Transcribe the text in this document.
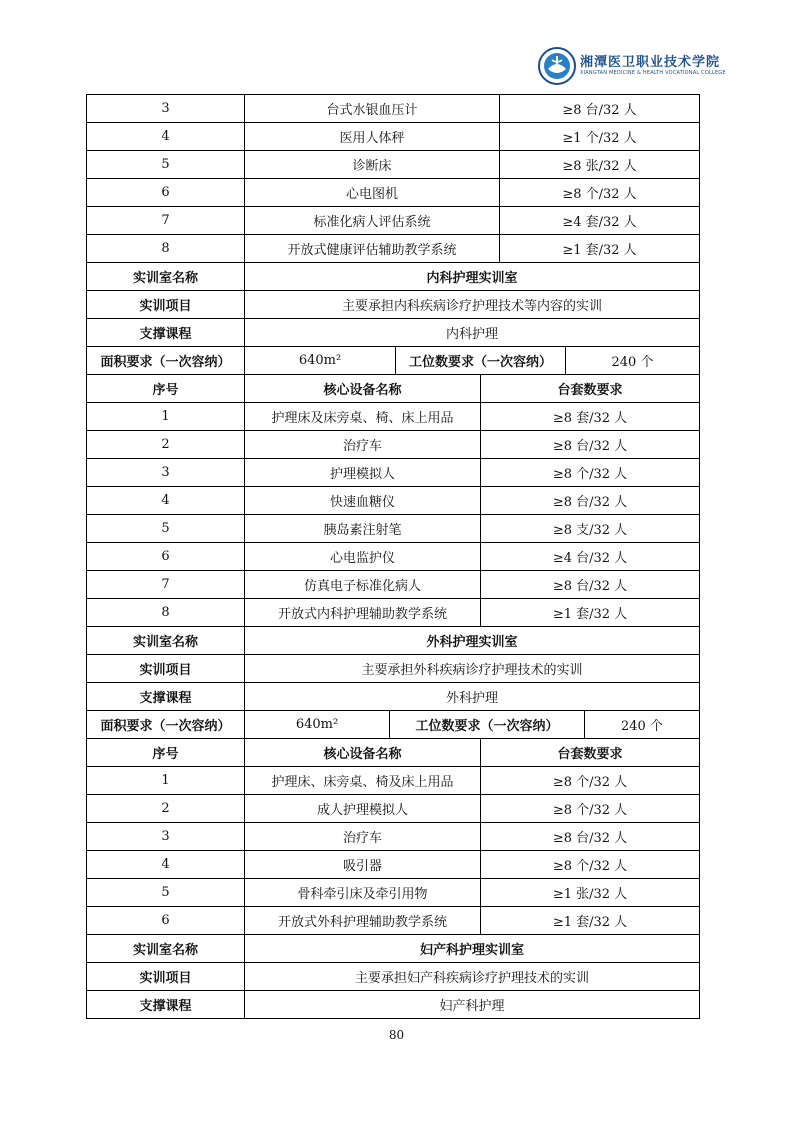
湘潭医卫职业技术学院
XIANGTAN MEDICINE & HEALTH VOCATIONAL COLLEGE
3	台式水银血压计	≥8 台/32 人
4	医用人体秤	≥1 个/32 人
5	诊断床	≥8 张/32 人
6	心电图机	≥8 个/32 人
7	标准化病人评估系统	≥4 套/32 人
8	开放式健康评估辅助教学系统	≥1 套/32 人
实训室名称	内科护理实训室
实训项目	主要承担内科疾病诊疗护理技术等内容的实训
支撑课程	内科护理
面积要求（一次容纳）	640m²	工位数要求（一次容纳）	240 个
序号	核心设备名称	台套数要求
1	护理床及床旁桌、椅、床上用品	≥8 套/32 人
2	治疗车	≥8 台/32 人
3	护理模拟人	≥8 个/32 人
4	快速血糖仪	≥8 台/32 人
5	胰岛素注射笔	≥8 支/32 人
6	心电监护仪	≥4 台/32 人
7	仿真电子标准化病人	≥8 台/32 人
8	开放式内科护理辅助教学系统	≥1 套/32 人
实训室名称	外科护理实训室
实训项目	主要承担外科疾病诊疗护理技术的实训
支撑课程	外科护理
面积要求（一次容纳）	640m²	工位数要求（一次容纳）	240 个
序号	核心设备名称	台套数要求
1	护理床、床旁桌、椅及床上用品	≥8 个/32 人
2	成人护理模拟人	≥8 个/32 人
3	治疗车	≥8 台/32 人
4	吸引器	≥8 个/32 人
5	骨科牵引床及牵引用物	≥1 张/32 人
6	开放式外科护理辅助教学系统	≥1 套/32 人
实训室名称	妇产科护理实训室
实训项目	主要承担妇产科疾病诊疗护理技术的实训
支撑课程	妇产科护理
80
